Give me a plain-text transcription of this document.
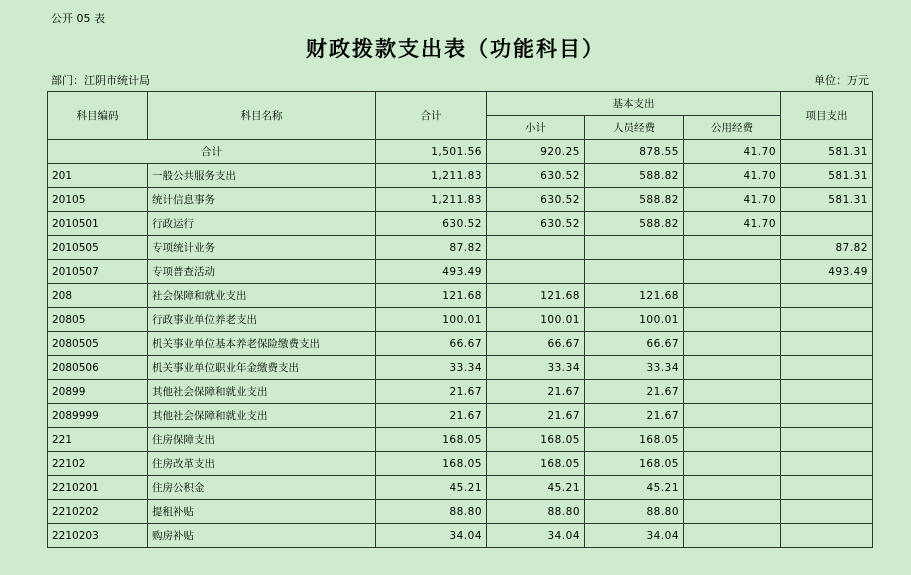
公开 05 表
财政拨款支出表（功能科目）
部门：江阴市统计局	单位：万元
科目编码	科目名称	合计	基本支出			项目支出
			小计	人员经费	公用经费	
合计		1,501.56	920.25	878.55	41.70	581.31
201	一般公共服务支出	1,211.83	630.52	588.82	41.70	581.31
20105	统计信息事务	1,211.83	630.52	588.82	41.70	581.31
2010501	行政运行	630.52	630.52	588.82	41.70	
2010505	专项统计业务	87.82				87.82
2010507	专项普查活动	493.49				493.49
208	社会保障和就业支出	121.68	121.68	121.68		
20805	行政事业单位养老支出	100.01	100.01	100.01		
2080505	机关事业单位基本养老保险缴费支出	66.67	66.67	66.67		
2080506	机关事业单位职业年金缴费支出	33.34	33.34	33.34		
20899	其他社会保障和就业支出	21.67	21.67	21.67		
2089999	其他社会保障和就业支出	21.67	21.67	21.67		
221	住房保障支出	168.05	168.05	168.05		
22102	住房改革支出	168.05	168.05	168.05		
2210201	住房公积金	45.21	45.21	45.21		
2210202	提租补贴	88.80	88.80	88.80		
2210203	购房补贴	34.04	34.04	34.04		
